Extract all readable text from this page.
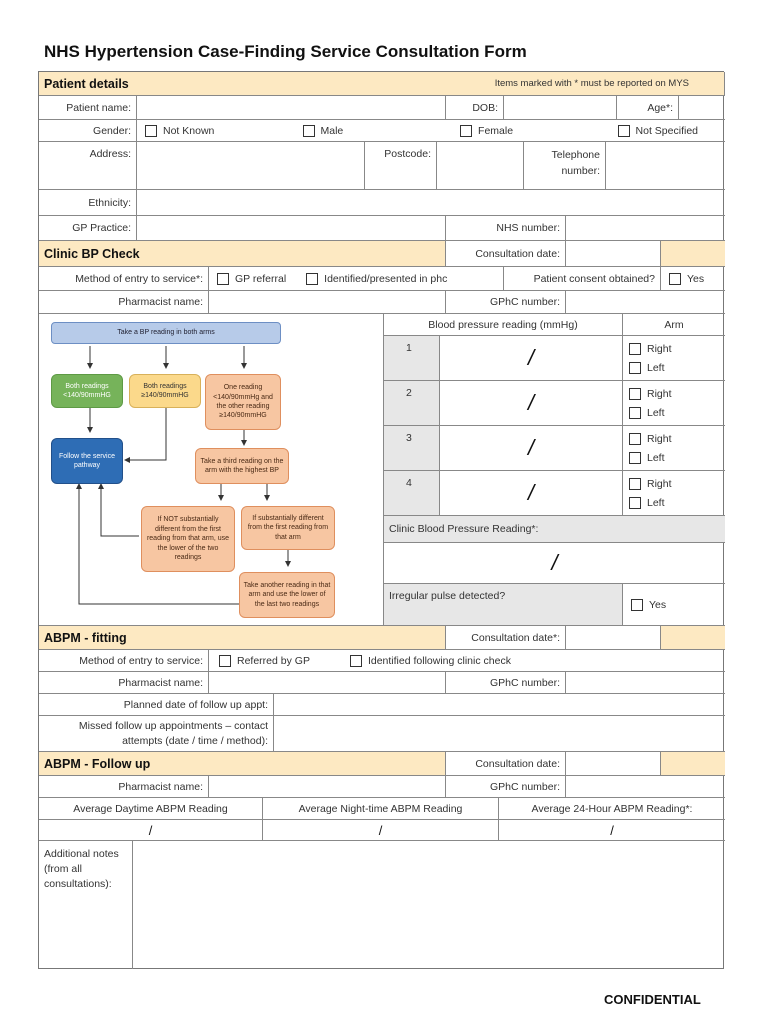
NHS Hypertension Case-Finding Service Consultation Form
Patient details	Items marked with * must be reported on MYS
Patient name:	DOB:	Age*:
Gender:	Not Known	Male	Female	Not Specified
Address:	Postcode:	Telephone number:
Ethnicity:
GP Practice:	NHS number:
Clinic BP Check	Consultation date:
Method of entry to service*:	GP referral	Identified/presented in phc	Patient consent obtained?	Yes
Pharmacist name:	GPhC number:
Take a BP reading in both arms
Both readings <140/90mmHG
Both readings ≥140/90mmHG
One reading <140/90mmHg and the other reading ≥140/90mmHG
Follow the service pathway
Take a third reading on the arm with the highest BP
If NOT substantially different from the first reading from that arm, use the lower of the two readings
If substantially different from the first reading from that arm
Take another reading in that arm and use the lower of the last two readings
Blood pressure reading (mmHg)	Arm
1	/	Right
Left
2	/	Right
Left
3	/	Right
Left
4	/	Right
Left
Clinic Blood Pressure Reading*:
/
Irregular pulse detected?
Yes
ABPM - fitting	Consultation date*:
Method of entry to service:	Referred by GP	Identified following clinic check
Pharmacist name:	GPhC number:
Planned date of follow up appt:
Missed follow up appointments – contact attempts (date / time / method):
ABPM - Follow up	Consultation date:
Pharmacist name:	GPhC number:
Average Daytime ABPM Reading	Average Night-time ABPM Reading	Average 24-Hour ABPM Reading*:
/	/	/
Additional notes (from all consultations):
CONFIDENTIAL
